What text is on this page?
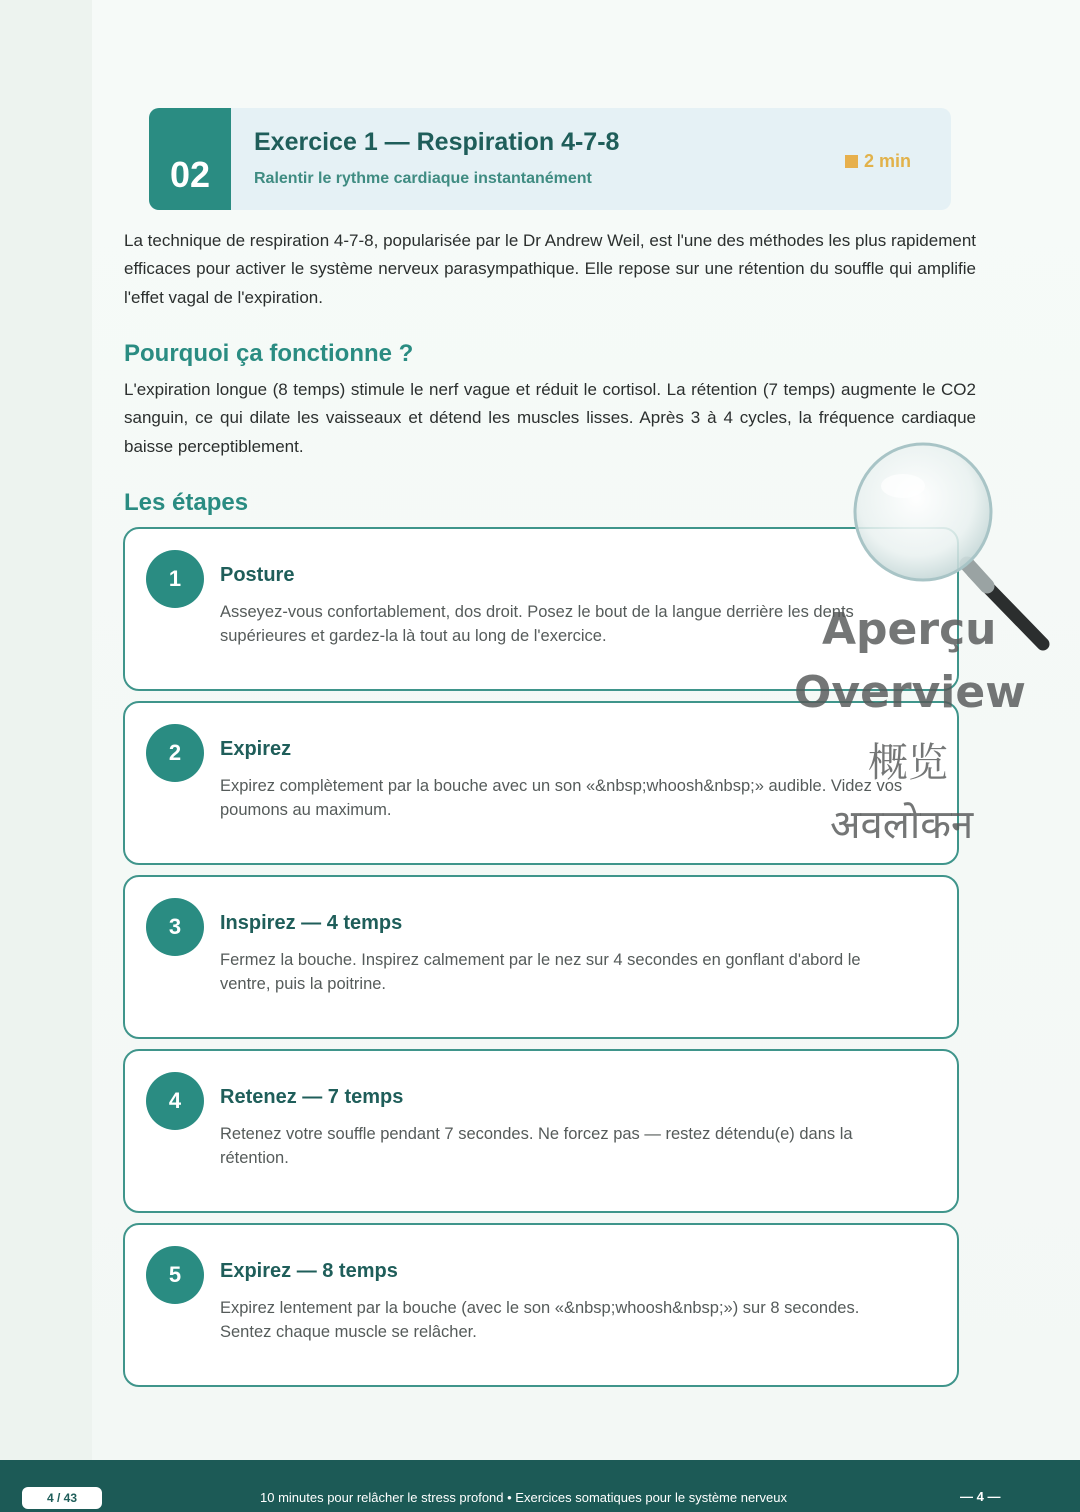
02
Exercice 1 — Respiration 4-7-8
Ralentir le rythme cardiaque instantanément
2 min
La technique de respiration 4-7-8, popularisée par le Dr Andrew Weil, est l'une des méthodes les plus rapidement efficaces pour activer le système nerveux parasympathique. Elle repose sur une rétention du souffle qui amplifie l'effet vagal de l'expiration.
Pourquoi ça fonctionne ?
L'expiration longue (8 temps) stimule le nerf vague et réduit le cortisol. La rétention (7 temps) augmente le CO2 sanguin, ce qui dilate les vaisseaux et détend les muscles lisses. Après 3 à 4 cycles, la fréquence cardiaque baisse perceptiblement.
Les étapes
1	Posture
Asseyez-vous confortablement, dos droit. Posez le bout de la langue derrière les dents supérieures et gardez-la là tout au long de l'exercice.
2	Expirez
Expirez complètement par la bouche avec un son «&nbsp;whoosh&nbsp;» audible. Videz vos poumons au maximum.
3	Inspirez — 4 temps
Fermez la bouche. Inspirez calmement par le nez sur 4 secondes en gonflant d'abord le ventre, puis la poitrine.
4	Retenez — 7 temps
Retenez votre souffle pendant 7 secondes. Ne forcez pas — restez détendu(e) dans la rétention.
5	Expirez — 8 temps
Expirez lentement par la bouche (avec le son «&nbsp;whoosh&nbsp;») sur 8 secondes. Sentez chaque muscle se relâcher.
Aperçu
Overview
概览
अवलोकन
4 / 43	10 minutes pour relâcher le stress profond • Exercices somatiques pour le système nerveux	— 4 —
